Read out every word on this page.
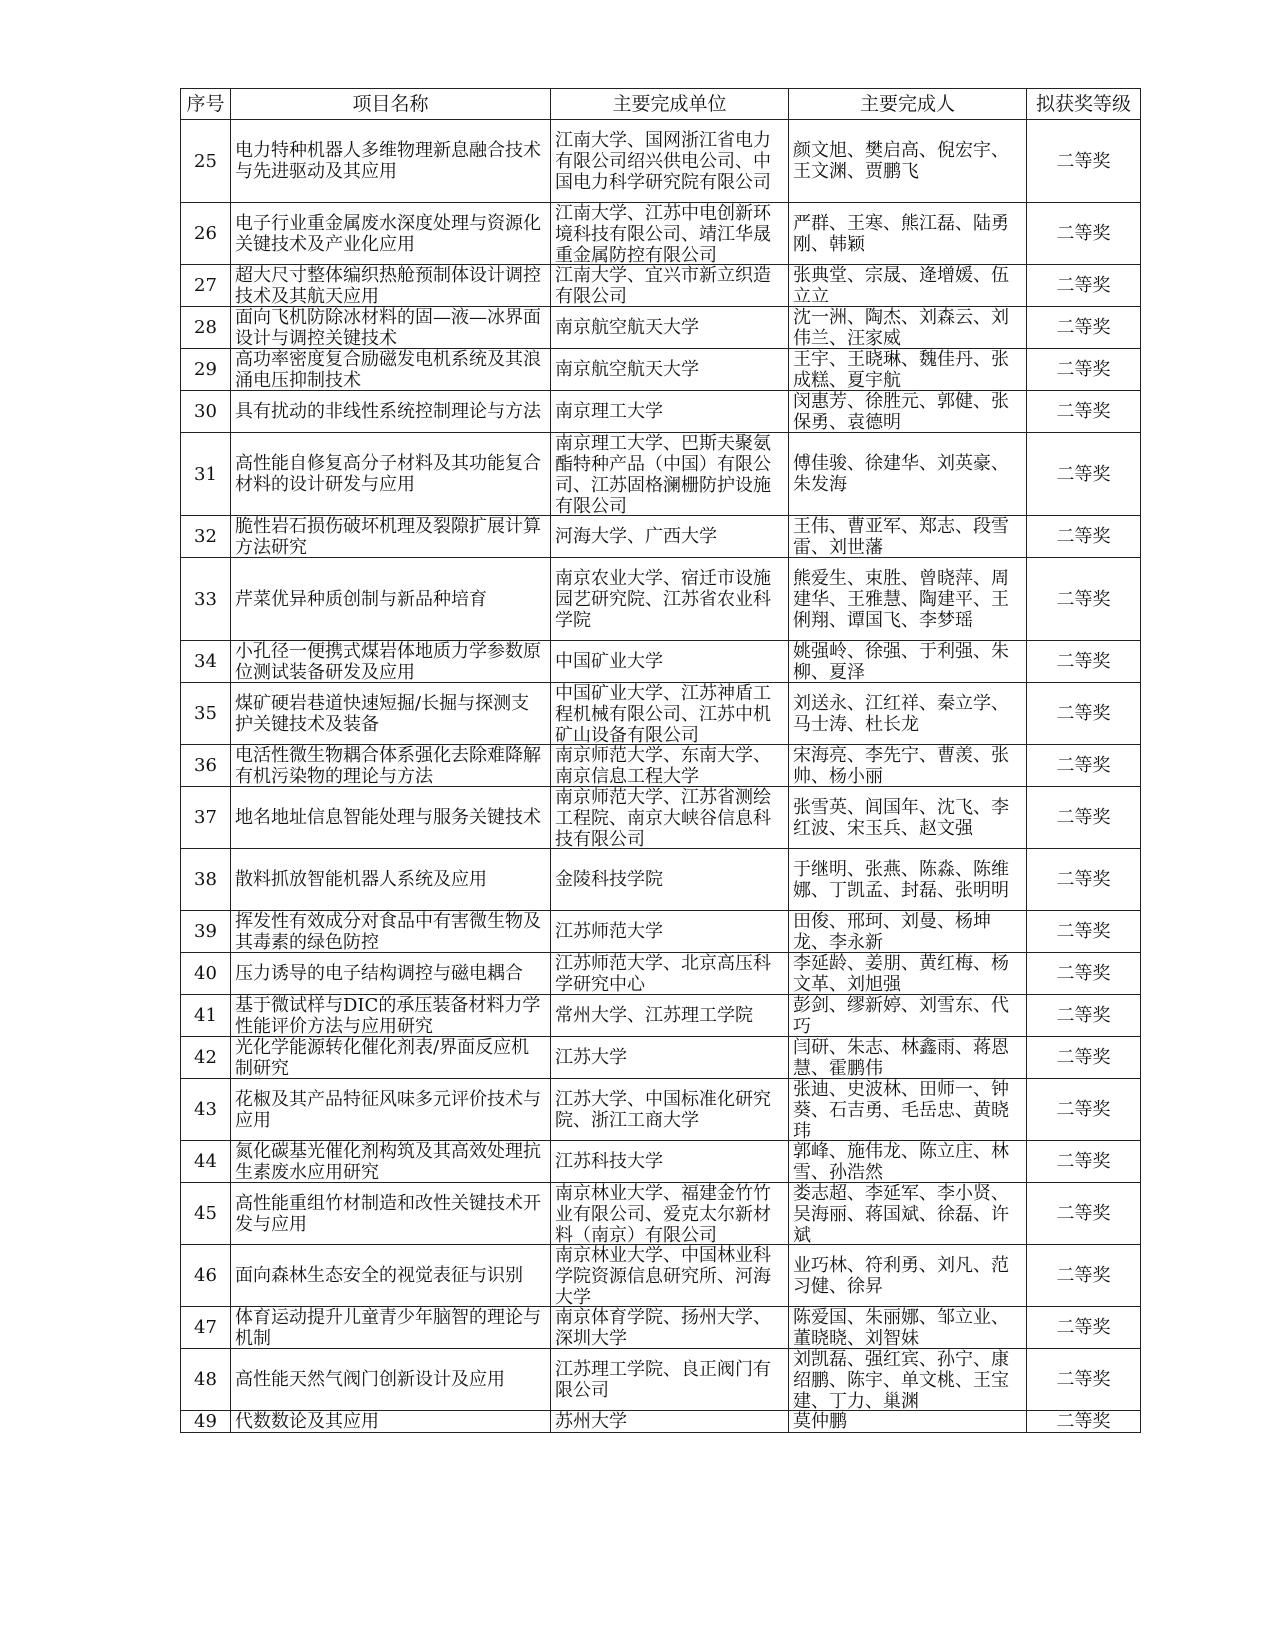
序号	项目名称	主要完成单位	主要完成人	拟获奖等级

25	电力特种机器人多维物理新息融合技术与先进驱动及其应用	江南大学、国网浙江省电力有限公司绍兴供电公司、中国电力科学研究院有限公司	颜文旭、樊启高、倪宏宇、王文渊、贾鹏飞	二等奖

26	电子行业重金属废水深度处理与资源化关键技术及产业化应用	江南大学、江苏中电创新环境科技有限公司、靖江华晟重金属防控有限公司	严群、王寒、熊江磊、陆勇刚、韩颖	二等奖

27	超大尺寸整体编织热舱预制体设计调控技术及其航天应用	江南大学、宜兴市新立织造有限公司	张典堂、宗晟、逄增媛、伍立立	二等奖

28	面向飞机防除冰材料的固—液—冰界面设计与调控关键技术	南京航空航天大学	沈一洲、陶杰、刘森云、刘伟兰、汪家威	二等奖

29	高功率密度复合励磁发电机系统及其浪涌电压抑制技术	南京航空航天大学	王宇、王晓琳、魏佳丹、张成糕、夏宇航	二等奖

30	具有扰动的非线性系统控制理论与方法	南京理工大学	闵惠芳、徐胜元、郭健、张保勇、袁德明	二等奖

31	高性能自修复高分子材料及其功能复合材料的设计研发与应用	南京理工大学、巴斯夫聚氨酯特种产品（中国）有限公司、江苏固格澜栅防护设施有限公司	傅佳骏、徐建华、刘英豪、朱发海	二等奖

32	脆性岩石损伤破坏机理及裂隙扩展计算方法研究	河海大学、广西大学	王伟、曹亚军、郑志、段雪雷、刘世藩	二等奖

33	芹菜优异种质创制与新品种培育	南京农业大学、宿迁市设施园艺研究院、江苏省农业科学院	熊爱生、束胜、曾晓萍、周建华、王雅慧、陶建平、王俐翔、谭国飞、李梦瑶	二等奖

34	小孔径一便携式煤岩体地质力学参数原位测试装备研发及应用	中国矿业大学	姚强岭、徐强、于利强、朱柳、夏泽	二等奖

35	煤矿硬岩巷道快速短掘/长掘与探测支护关键技术及装备	中国矿业大学、江苏神盾工程机械有限公司、江苏中机矿山设备有限公司	刘送永、江红祥、秦立学、马士涛、杜长龙	二等奖

36	电活性微生物耦合体系强化去除难降解有机污染物的理论与方法	南京师范大学、东南大学、南京信息工程大学	宋海亮、李先宁、曹羡、张帅、杨小丽	二等奖

37	地名地址信息智能处理与服务关键技术	南京师范大学、江苏省测绘工程院、南京大峡谷信息科技有限公司	张雪英、闾国年、沈飞、李红波、宋玉兵、赵文强	二等奖

38	散料抓放智能机器人系统及应用	金陵科技学院	于继明、张燕、陈淼、陈维娜、丁凯孟、封磊、张明明	二等奖

39	挥发性有效成分对食品中有害微生物及其毒素的绿色防控	江苏师范大学	田俊、邢珂、刘曼、杨坤龙、李永新	二等奖

40	压力诱导的电子结构调控与磁电耦合	江苏师范大学、北京高压科学研究中心	李延龄、姜朋、黄红梅、杨文革、刘旭强	二等奖

41	基于微试样与DIC的承压装备材料力学性能评价方法与应用研究	常州大学、江苏理工学院	彭剑、缪新婷、刘雪东、代巧	二等奖

42	光化学能源转化催化剂表/界面反应机制研究	江苏大学	闫研、朱志、林鑫雨、蒋恩慧、霍鹏伟	二等奖

43	花椒及其产品特征风味多元评价技术与应用	江苏大学、中国标准化研究院、浙江工商大学	张迪、史波林、田师一、钟葵、石吉勇、毛岳忠、黄晓玮	二等奖

44	氮化碳基光催化剂构筑及其高效处理抗生素废水应用研究	江苏科技大学	郭峰、施伟龙、陈立庄、林雪、孙浩然	二等奖

45	高性能重组竹材制造和改性关键技术开发与应用	南京林业大学、福建金竹竹业有限公司、爱克太尔新材料（南京）有限公司	娄志超、李延军、李小贤、吴海丽、蒋国斌、徐磊、许斌	二等奖

46	面向森林生态安全的视觉表征与识别	南京林业大学、中国林业科学院资源信息研究所、河海大学	业巧林、符利勇、刘凡、范习健、徐昇	二等奖

47	体育运动提升儿童青少年脑智的理论与机制	南京体育学院、扬州大学、深圳大学	陈爱国、朱丽娜、邹立业、董晓晓、刘智妹	二等奖

48	高性能天然气阀门创新设计及应用	江苏理工学院、良正阀门有限公司	刘凯磊、强红宾、孙宁、康绍鹏、陈宇、单文桃、王宝建、丁力、巢渊	二等奖

49	代数数论及其应用	苏州大学	莫仲鹏	二等奖
